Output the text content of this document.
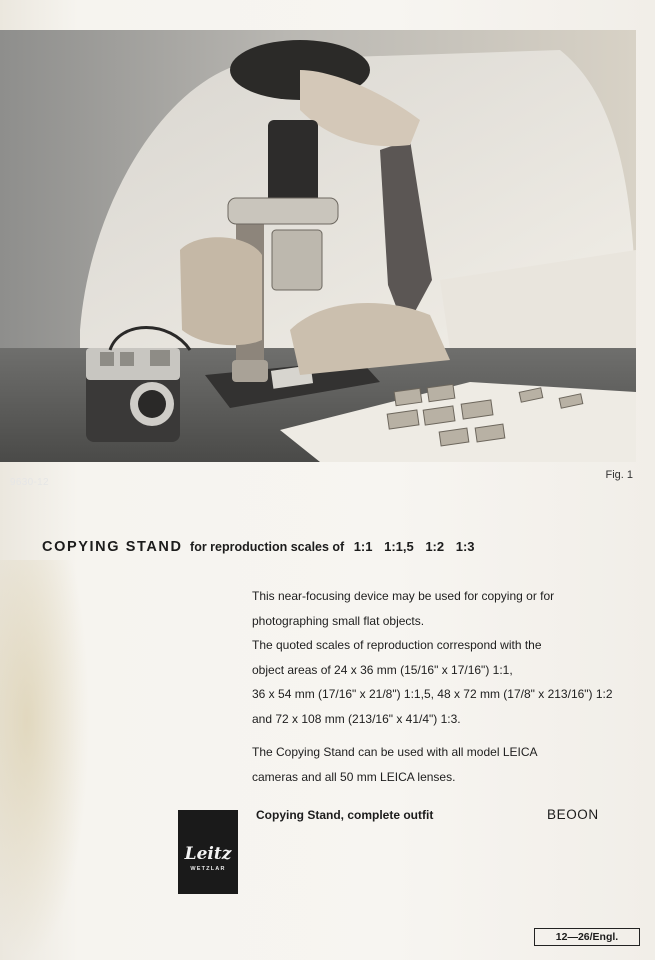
9630-12
Fig. 1
COPYING STAND for reproduction scales of 1:1 1:1,5 1:2 1:3

This near-focusing device may be used for copying or for

photographing small flat objects.

The quoted scales of reproduction correspond with the

object areas of 24 x 36 mm (15/16" x 17/16") 1:1,

36 x 54 mm (17/16" x 21/8") 1:1,5, 48 x 72 mm (17/8" x 213/16") 1:2

and 72 x 108 mm (213/16" x 41/4") 1:3.

The Copying Stand can be used with all model LEICA

cameras and all 50 mm LEICA lenses.

Leitz
WETZLAR
Copying Stand, complete outfit	BEOON
12—26/Engl.
